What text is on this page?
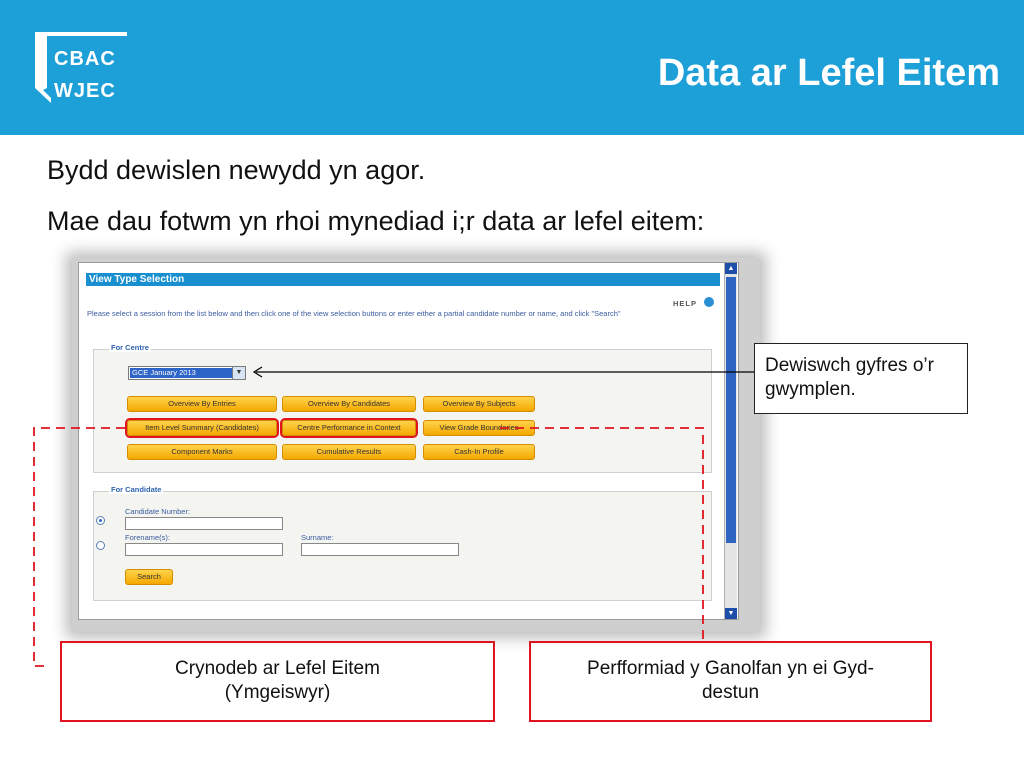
CBAC
WJEC	Data ar Lefel Eitem
Bydd dewislen newydd yn agor.
Mae dau fotwm yn rhoi mynediad i;r data ar lefel eitem:
View Type Selection
HELP
Please select a session from the list below and then click one of the view selection buttons or enter either a partial candidate number or name, and click "Search"
For Centre
GCE January 2013	▼
Overview By Entries	Overview By Candidates	Overview By Subjects
Item Level Summary (Candidates)	Centre Performance in Context	View Grade Boundaries
Component Marks	Cumulative Results	Cash-In Profile
For Candidate
Candidate Number:
Forename(s):	Surname:
Search
▲
▼
Dewiswch gyfres o’r gwymplen.
Crynodeb ar Lefel Eitem (Ymgeiswyr)
Perfformiad y Ganolfan yn ei Gyd-destun
